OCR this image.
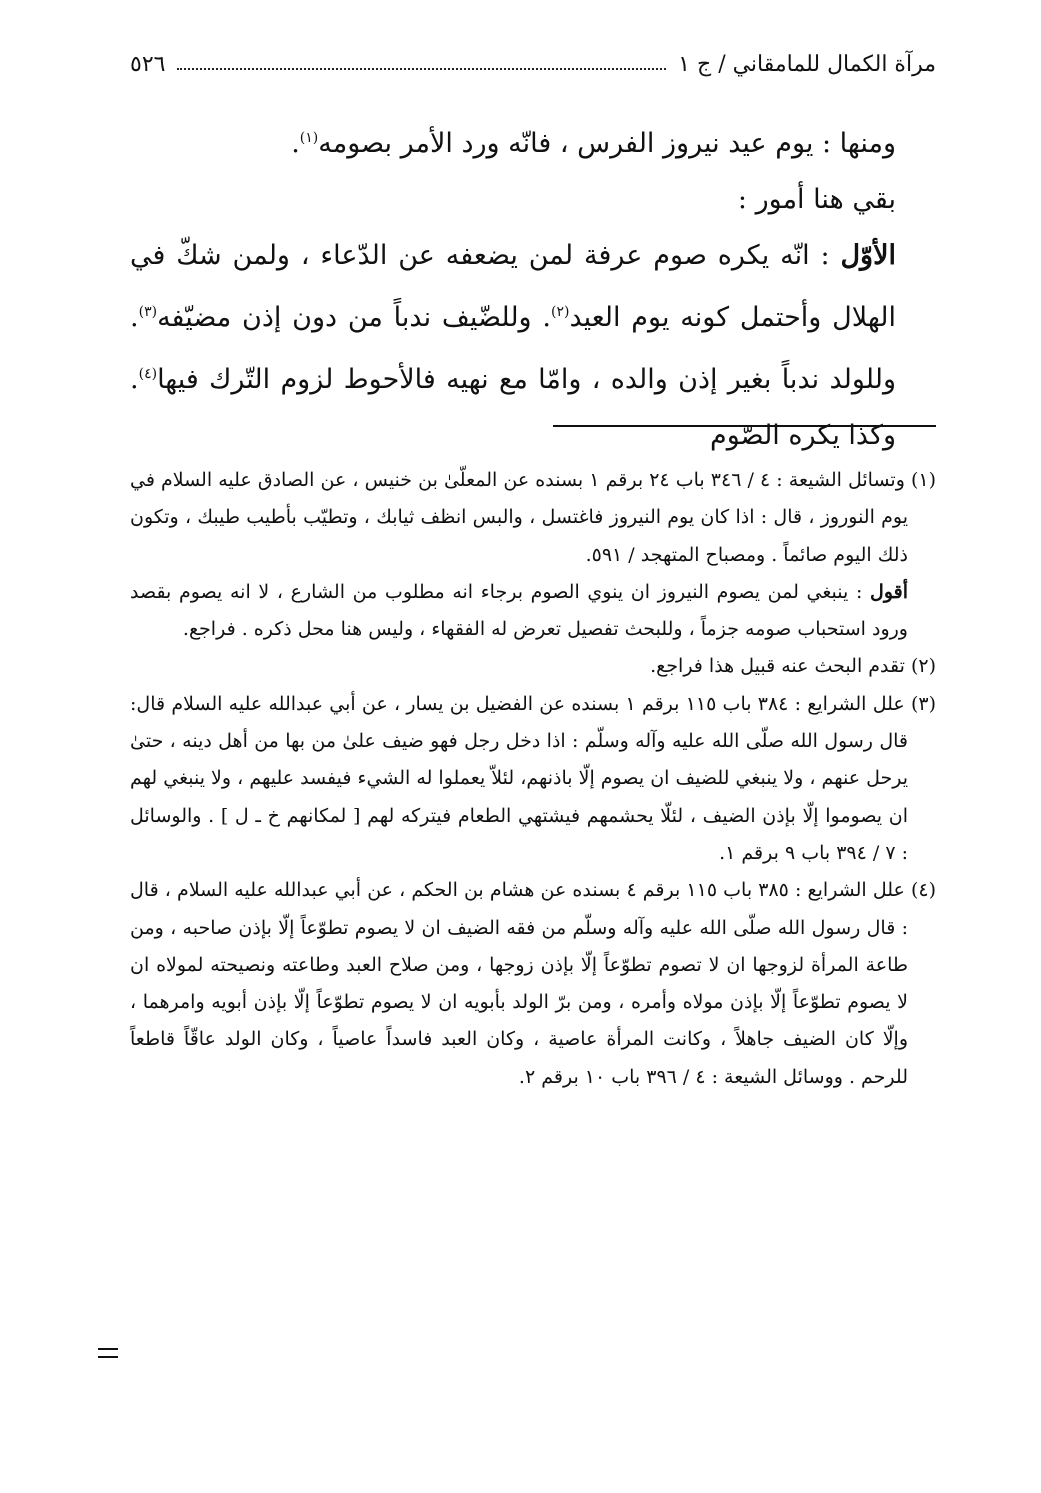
مرآة الكمال للمامقاني / ج ١
٥٢٦

ومنها : يوم عيد نيروز الفرس ، فانّه ورد الأمر بصومه$^{(١)}$.

بقي هنا أمور :

الأوّل : انّه يكره صوم عرفة لمن يضعفه عن الدّعاء ، ولمن شكّ في الهلال وأحتمل كونه يوم العيد$^{(٢)}$. وللضّيف ندباً من دون إذن مضيّفه$^{(٣)}$. وللولد ندباً بغير إذن والده ، وامّا مع نهيه فالأحوط لزوم التّرك فيها$^{(٤)}$. وكذا يكره الصّوم

(١) وتسائل الشيعة : ٤ / ٣٤٦ باب ٢٤ برقم ١ بسنده عن المعلّىٰ بن خنيس ، عن الصادق عليه السلام في يوم النوروز ، قال : اذا كان يوم النيروز فاغتسل ، والبس انظف ثيابك ، وتطيّب بأطيب طيبك ، وتكون ذلك اليوم صائماً . ومصباح المتهجد / ٥٩١.

أقول : ينبغي لمن يصوم النيروز ان ينوي الصوم برجاء انه مطلوب من الشارع ، لا انه يصوم بقصد ورود استحباب صومه جزماً ، وللبحث تفصيل تعرض له الفقهاء ، وليس هنا محل ذكره . فراجع.

(٢) تقدم البحث عنه قبيل هذا فراجع.

(٣) علل الشرايع : ٣٨٤ باب ١١٥ برقم ١ بسنده عن الفضيل بن يسار ، عن أبي عبدالله عليه السلام قال: قال رسول الله صلّى الله عليه وآله وسلّم : اذا دخل رجل فهو ضيف علىٰ من بها من أهل دينه ، حتىٰ يرحل عنهم ، ولا ينبغي للضيف ان يصوم إلّا باذنهم، لئلاّ يعملوا له الشيء فيفسد عليهم ، ولا ينبغي لهم ان يصوموا إلّا بإذن الضيف ، لئلّا يحشمهم فيشتهي الطعام فيتركه لهم [ لمكانهم خ ـ ل ] . والوسائل : ٧ / ٣٩٤ باب ٩ برقم ١.

(٤) علل الشرايع : ٣٨٥ باب ١١٥ برقم ٤ بسنده عن هشام بن الحكم ، عن أبي عبدالله عليه السلام ، قال : قال رسول الله صلّى الله عليه وآله وسلّم من فقه الضيف ان لا يصوم تطوّعاً إلّا بإذن صاحبه ، ومن طاعة المرأة لزوجها ان لا تصوم تطوّعاً إلّا بإذن زوجها ، ومن صلاح العبد وطاعته ونصيحته لمولاه ان لا يصوم تطوّعاً إلّا بإذن مولاه وأمره ، ومن برّ الولد بأبويه ان لا يصوم تطوّعاً إلّا بإذن أبويه وامرهما ، وإلّا كان الضيف جاهلاً ، وكانت المرأة عاصية ، وكان العبد فاسداً عاصياً ، وكان الولد عاقّاً قاطعاً للرحم . ووسائل الشيعة : ٤ / ٣٩٦ باب ١٠ برقم ٢.
